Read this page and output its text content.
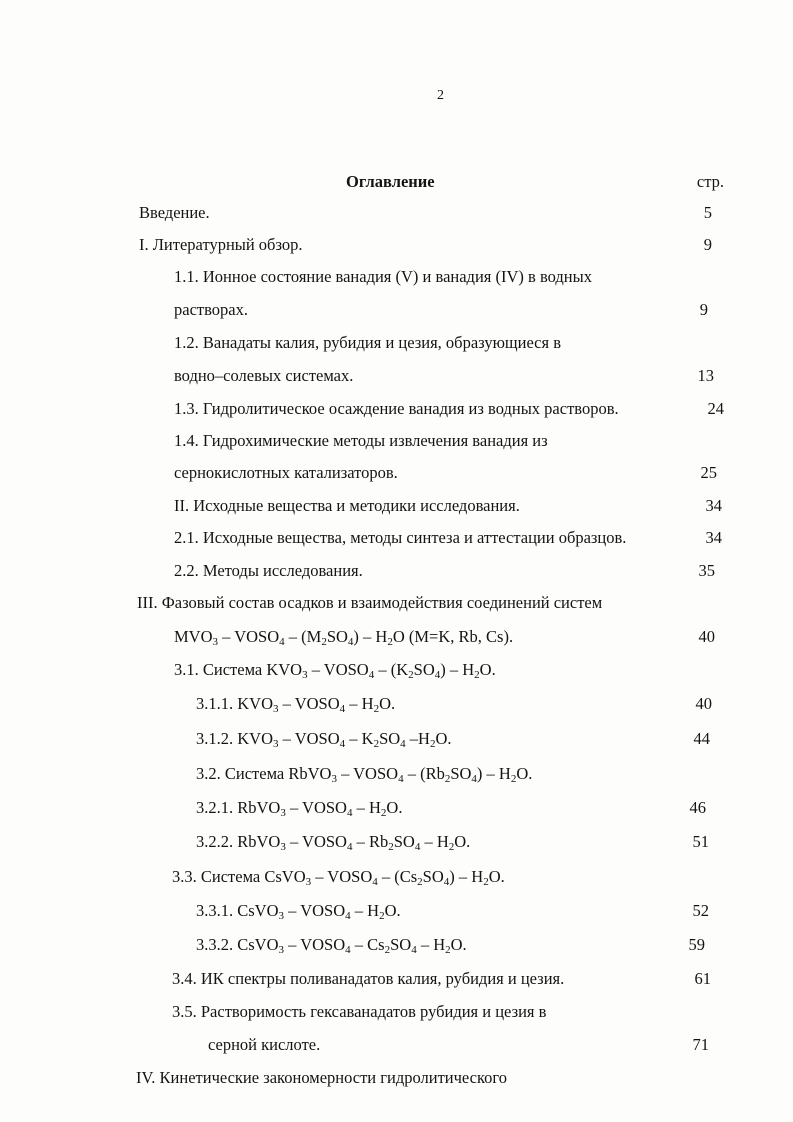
2
Оглавление	стр.
Введение.	5
I. Литературный обзор.	9
1.1. Ионное состояние ванадия (V) и ванадия (IV) в водных
растворах.	9
1.2. Ванадаты калия, рубидия и цезия, образующиеся в
водно–солевых системах.	13
1.3. Гидролитическое осаждение ванадия из водных растворов.	24
1.4. Гидрохимические методы извлечения ванадия из
сернокислотных катализаторов.	25
II. Исходные вещества и методики исследования.	34
2.1. Исходные вещества, методы синтеза и аттестации образцов.	34
2.2. Методы исследования.	35
III. Фазовый состав осадков и взаимодействия соединений систем
$MVO_3$ – $VOSO_4 - (M_2SO_4) - H_2O$ (M=K, Rb, Cs).	40
3.1. Система $KVO_3$ – $VOSO_4 - (K_2SO_4) - H_2O$.
3.1.1. $KVO_3$ – $VOSO_4 - H_2O$.	40
3.1.2. $KVO_3$ – $VOSO_4 - K_2SO_4$ $-H_2O$.	44
3.2. Система RbVO$_3$ – $VOSO_4 - (Rb_2SO_4) - H_2O$.
3.2.1. RbVO$_3$ – $VOSO_4 - H_2O$.	46
3.2.2. RbVO$_3$ – $VOSO_4 - Rb_2SO_4 - H_2O$.	51
3.3. Система CsVO$_3$ – $VOSO_4 - (Cs_2SO_4) - H_2O$.
3.3.1. CsVO$_3$ – $VOSO_4 - H_2O$.	52
3.3.2. CsVO$_3$ – $VOSO_4 - Cs_2SO_4 - H_2O$.	59
3.4. ИК спектры поливанадатов калия, рубидия и цезия.	61
3.5. Растворимость гексаванадатов рубидия и цезия в
серной кислоте.	71
IV. Кинетические закономерности гидролитического
